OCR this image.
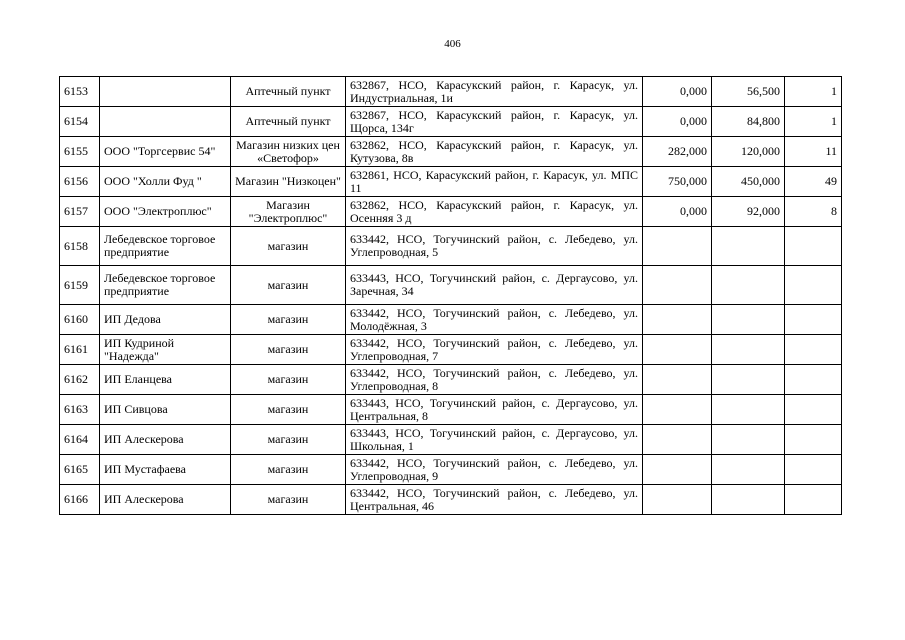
406
6153		Аптечный пункт	632867, НСО, Карасукский район, г. Карасук, ул. Индустриальная, 1и	0,000	56,500	1
6154		Аптечный пункт	632867, НСО, Карасукский район, г. Карасук, ул. Щорса, 134г	0,000	84,800	1
6155	ООО "Торгсервис 54"	Магазин низких цен «Светофор»	632862, НСО, Карасукский район, г. Карасук, ул. Кутузова, 8в	282,000	120,000	11
6156	ООО "Холли Фуд "	Магазин "Низкоцен"	632861, НСО, Карасукский район, г. Карасук, ул. МПС 11	750,000	450,000	49
6157	ООО "Электроплюс"	Магазин "Электроплюс"	632862, НСО, Карасукский район, г. Карасук, ул. Осенняя 3 д	0,000	92,000	8
6158	Лебедевское торговое предприятие	магазин	633442, НСО, Тогучинский район, с. Лебедево, ул. Углепроводная, 5			
6159	Лебедевское торговое предприятие	магазин	633443, НСО, Тогучинский район, с. Дергаусово, ул. Заречная, 34			
6160	ИП Дедова	магазин	633442, НСО, Тогучинский район, с. Лебедево, ул. Молодёжная, 3			
6161	ИП Кудриной "Надежда"	магазин	633442, НСО, Тогучинский район, с. Лебедево, ул. Углепроводная, 7			
6162	ИП Еланцева	магазин	633442, НСО, Тогучинский район, с. Лебедево, ул. Углепроводная, 8			
6163	ИП Сивцова	магазин	633443, НСО, Тогучинский район, с. Дергаусово, ул. Центральная, 8			
6164	ИП Алескерова	магазин	633443, НСО, Тогучинский район, с. Дергаусово, ул. Школьная, 1			
6165	ИП Мустафаева	магазин	633442, НСО, Тогучинский район, с. Лебедево, ул. Углепроводная, 9			
6166	ИП Алескерова	магазин	633442, НСО, Тогучинский район, с. Лебедево, ул. Центральная, 46			
